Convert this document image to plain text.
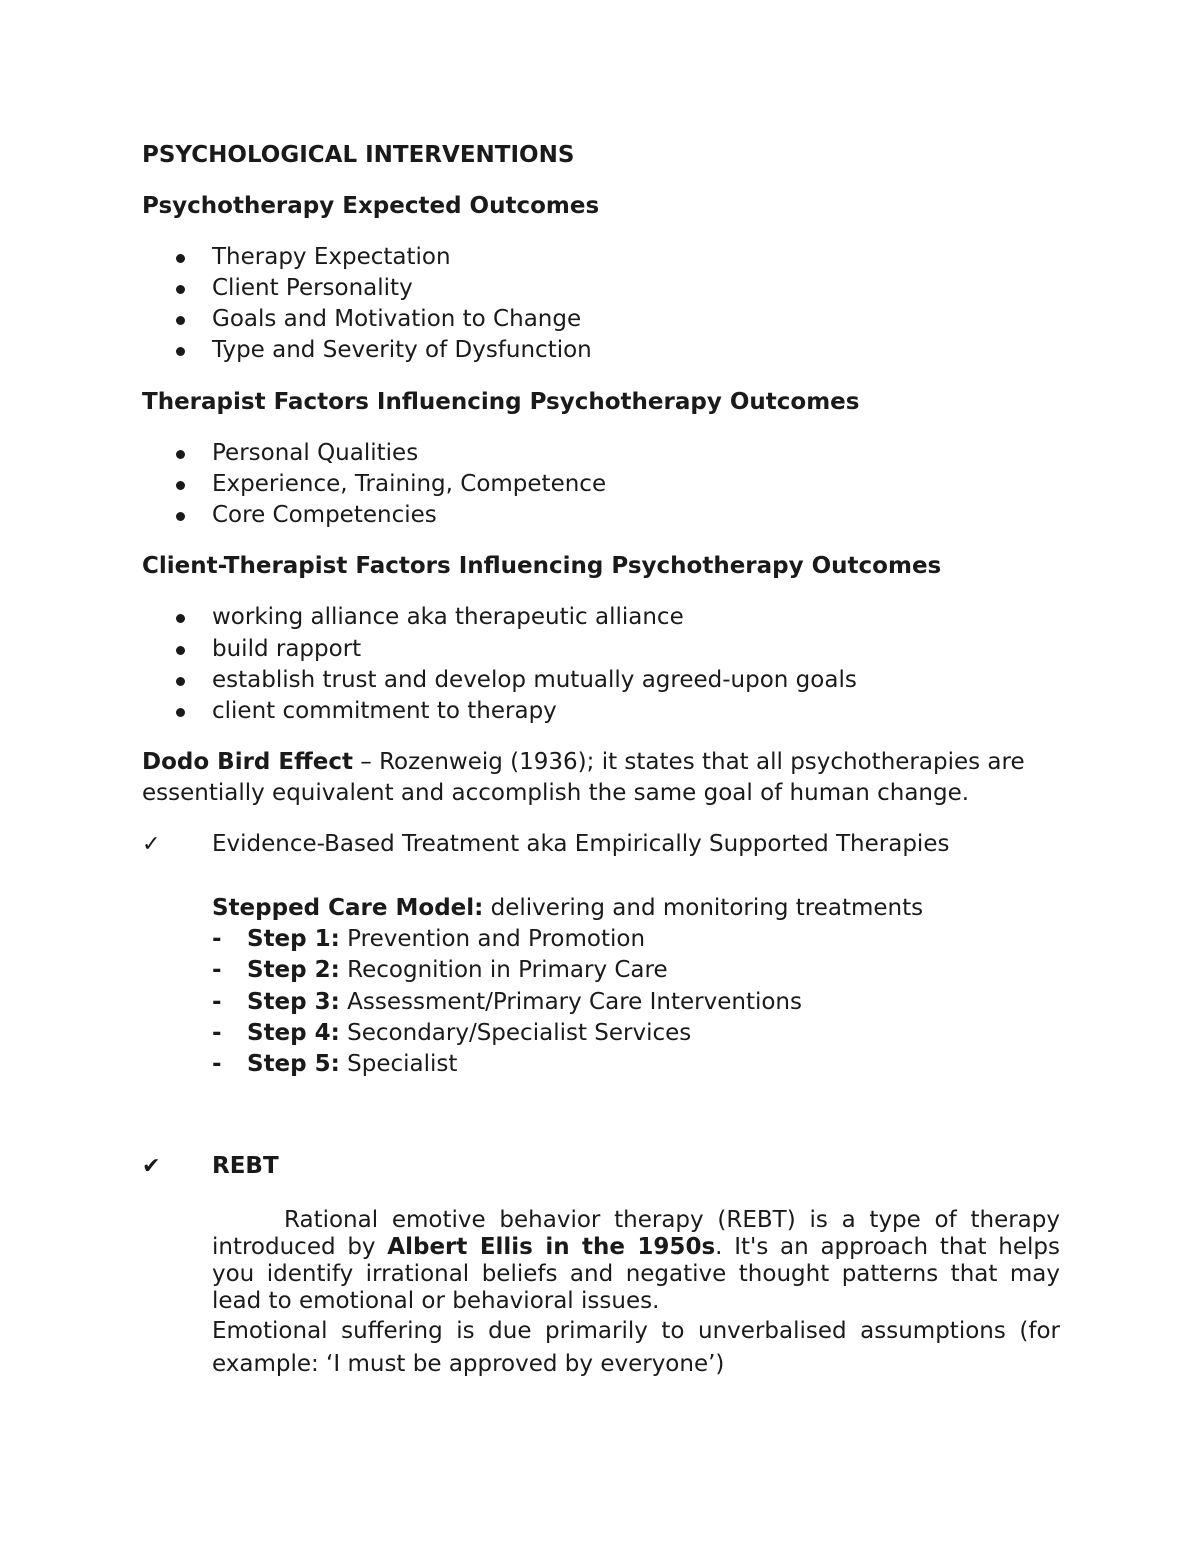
PSYCHOLOGICAL INTERVENTIONS
Psychotherapy Expected Outcomes
Therapy Expectation
Client Personality
Goals and Motivation to Change
Type and Severity of Dysfunction
Therapist Factors Influencing Psychotherapy Outcomes
Personal Qualities
Experience, Training, Competence
Core Competencies
Client-Therapist Factors Influencing Psychotherapy Outcomes
working alliance aka therapeutic alliance
build rapport
establish trust and develop mutually agreed-upon goals
client commitment to therapy
Dodo Bird Effect – Rozenweig (1936); it states that all psychotherapies are essentially equivalent and accomplish the same goal of human change.
✓ Evidence-Based Treatment aka Empirically Supported Therapies
Stepped Care Model: delivering and monitoring treatments
- Step 1: Prevention and Promotion
- Step 2: Recognition in Primary Care
- Step 3: Assessment/Primary Care Interventions
- Step 4: Secondary/Specialist Services
- Step 5: Specialist
✔ REBT
Rational emotive behavior therapy (REBT) is a type of therapy introduced by Albert Ellis in the 1950s. It's an approach that helps you identify irrational beliefs and negative thought patterns that may lead to emotional or behavioral issues.
Emotional suffering is due primarily to unverbalised assumptions (for example: ‘I must be approved by everyone’)
